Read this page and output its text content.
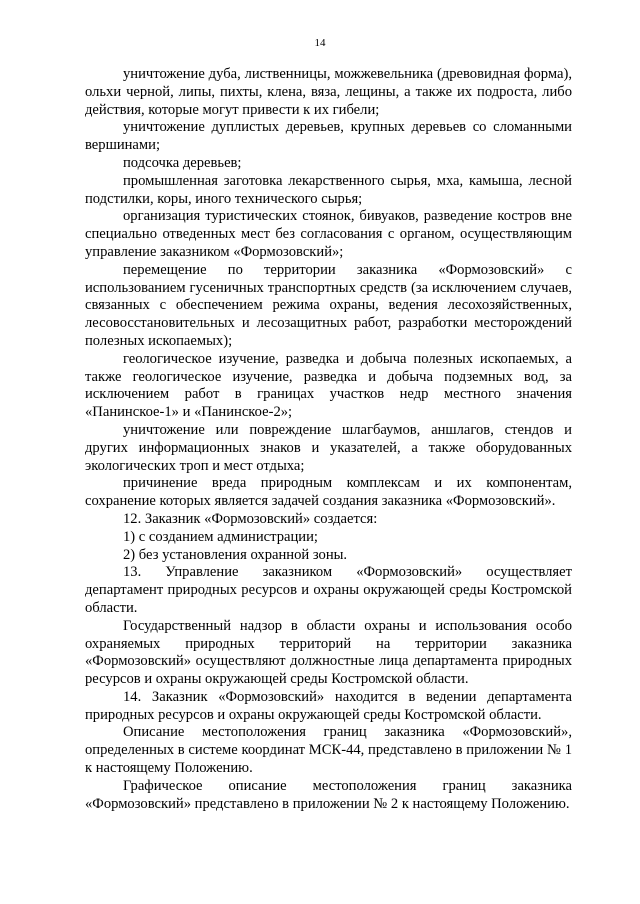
14

уничтожение дуба, лиственницы, можжевельника (древовидная форма), ольхи черной, липы, пихты, клена, вяза, лещины, а также их подроста, либо действия, которые могут привести к их гибели;

уничтожение дуплистых деревьев, крупных деревьев со сломанными вершинами;

подсочка деревьев;

промышленная заготовка лекарственного сырья, мха, камыша, лесной подстилки, коры, иного технического сырья;

организация туристических стоянок, бивуаков, разведение костров вне специально отведенных мест без согласования с органом, осуществляющим управление заказником «Формозовский»;

перемещение по территории заказника «Формозовский» с использованием гусеничных транспортных средств (за исключением случаев, связанных с обеспечением режима охраны, ведения лесохозяйственных, лесовосстановительных и лесозащитных работ, разработки месторождений полезных ископаемых);

геологическое изучение, разведка и добыча полезных ископаемых, а также геологическое изучение, разведка и добыча подземных вод, за исключением работ в границах участков недр местного значения «Панинское-1» и «Панинское-2»;

уничтожение или повреждение шлагбаумов, аншлагов, стендов и других информационных знаков и указателей, а также оборудованных экологических троп и мест отдыха;

причинение вреда природным комплексам и их компонентам, сохранение которых является задачей создания заказника «Формозовский».

12. Заказник «Формозовский» создается:

1) с созданием администрации;

2) без установления охранной зоны.

13. Управление заказником «Формозовский» осуществляет департамент природных ресурсов и охраны окружающей среды Костромской области.

Государственный надзор в области охраны и использования особо охраняемых природных территорий на территории заказника «Формозовский» осуществляют должностные лица департамента природных ресурсов и охраны окружающей среды Костромской области.

14. Заказник «Формозовский» находится в ведении департамента природных ресурсов и охраны окружающей среды Костромской области.

Описание местоположения границ заказника «Формозовский», определенных в системе координат МСК-44, представлено в приложении № 1 к настоящему Положению.

Графическое описание местоположения границ заказника «Формозовский» представлено в приложении № 2 к настоящему Положению.
